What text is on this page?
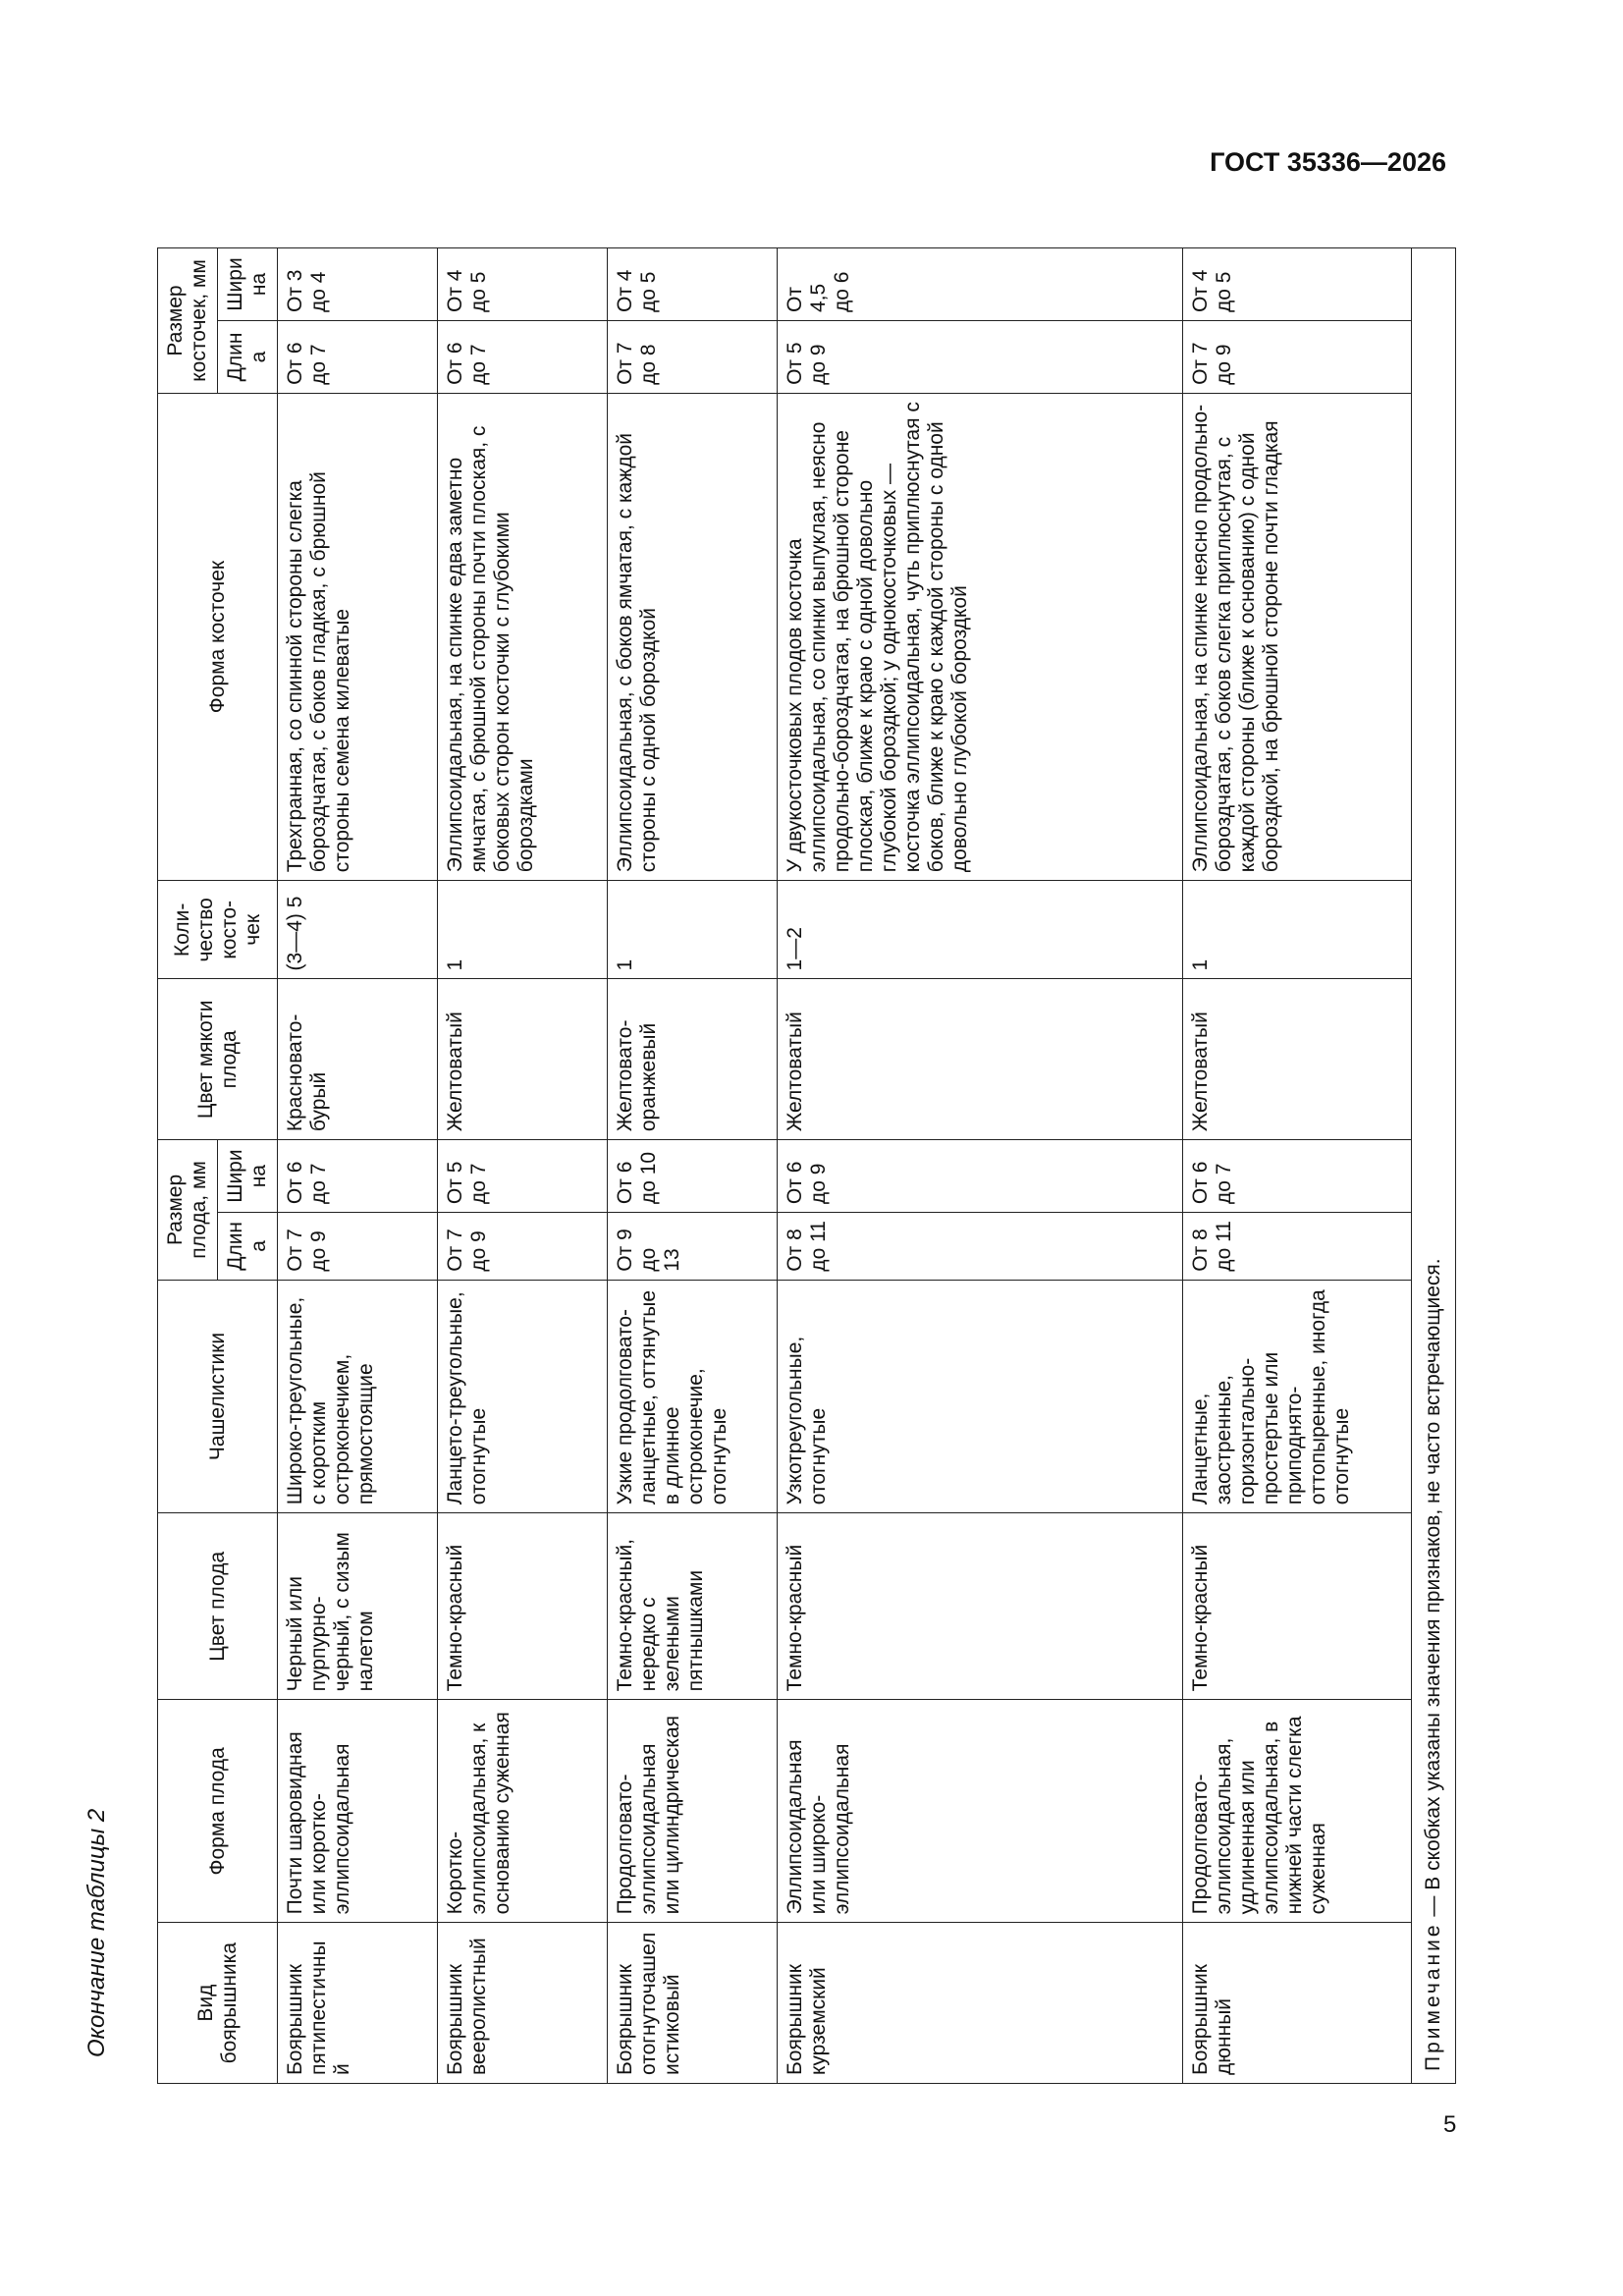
ГОСТ 35336—2026
Окончание таблицы 2
5
Вид боярышника	Форма плода	Цвет плода	Чашелистики	Размер плода, мм		Цвет мякоти плода	Коли-чество косто-чек	Форма косточек	Размер косточек, мм	
				Длина	Ширина				Длина	Ширина
Боярышник пятипестичный	Почти шаровидная или коротко-эллипсоидальная	Черный или пурпурно-черный, с сизым налетом	Широко-треугольные, с коротким остроконечием, прямостоящие	От 7 до 9	От 6 до 7	Красновато-бурый	(3—4) 5	Трехгранная, со спинной стороны слегка бороздчатая, с боков гладкая, с брюшной стороны семена килеватые	От 6 до 7	От 3 до 4
Боярышник вееролистный	Коротко-эллипсоидальная, к основанию суженная	Темно-красный	Ланцето-треугольные, отогнутые	От 7 до 9	От 5 до 7	Желтоватый	1	Эллипсоидальная, на спинке едва заметно ямчатая, с брюшной стороны почти плоская, с боковых сторон косточки с глубокими бороздками	От 6 до 7	От 4 до 5
Боярышник отогнуточашелистиковый	Продолговато-эллипсоидальная или цилиндрическая	Темно-красный, нередко с зелеными пятнышками	Узкие продолговато-ланцетные, оттянутые в длинное остроконечие, отогнутые	От 9 до 13	От 6 до 10	Желтовато-оранжевый	1	Эллипсоидальная, с боков ямчатая, с каждой стороны с одной бороздкой	От 7 до 8	От 4 до 5
Боярышник курземский	Эллипсоидальная или широко-эллипсоидальная	Темно-красный	Узкотреугольные, отогнутые	От 8 до 11	От 6 до 9	Желтоватый	1—2	У двукосточковых плодов косточка эллипсоидальная, со спинки выпуклая, неясно продольно-бороздчатая, на брюшной стороне плоская, ближе к краю с одной довольно глубокой бороздкой; у однокосточковых — косточка эллипсоидальная, чуть приплюснутая с боков, ближе к краю с каждой стороны с одной довольно глубокой бороздкой	От 5 до 9	От 4,5 до 6
Боярышник дюнный	Продолговато-эллипсоидальная, удлиненная или эллипсоидальная, в нижней части слегка суженная	Темно-красный	Ланцетные, заостренные, горизонтально-простертые или приподнято-оттопыренные, иногда отогнутые	От 8 до 11	От 6 до 7	Желтоватый	1	Эллипсоидальная, на спинке неясно продольно-бороздчатая, с боков слегка приплюснутая, с каждой стороны (ближе к основанию) с одной бороздкой, на брюшной стороне почти гладкая	От 7 до 9	От 4 до 5
Примечание — В скобках указаны значения признаков, не часто встречающиеся.										
